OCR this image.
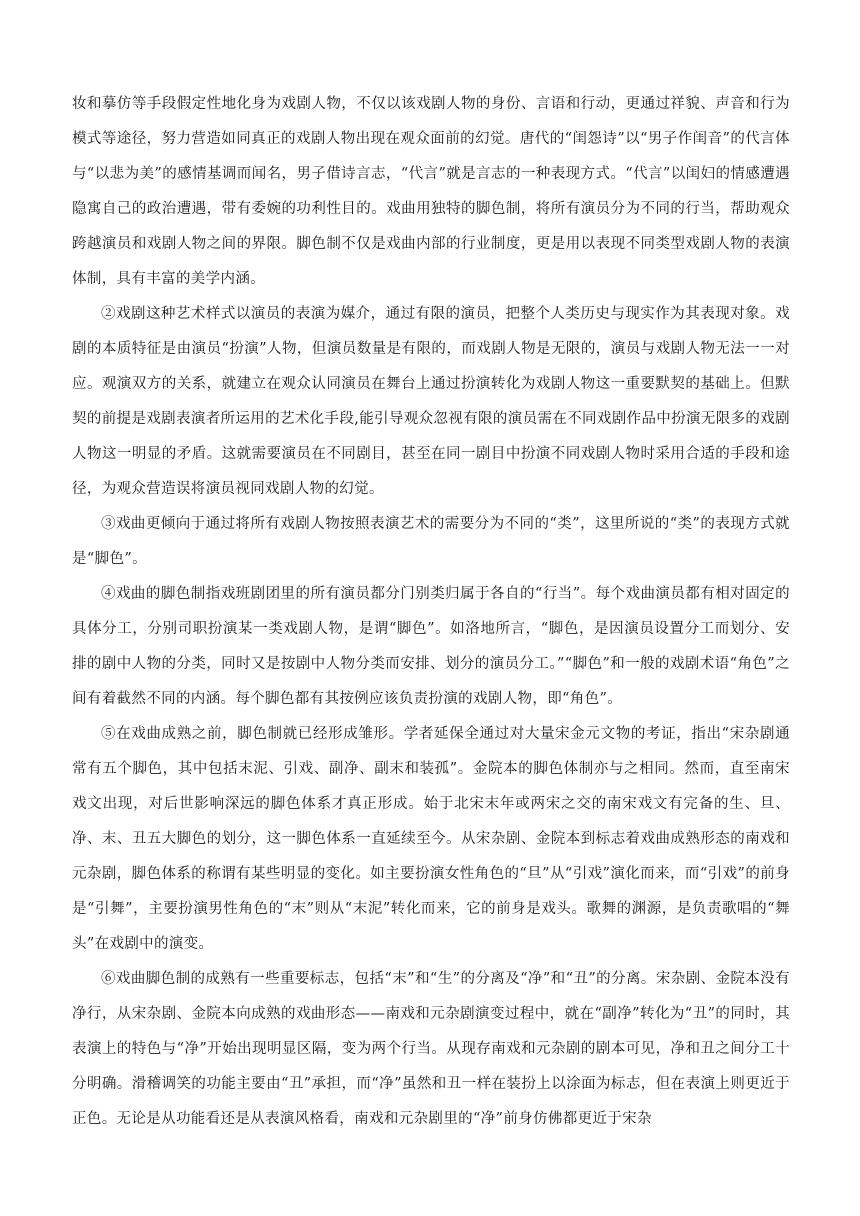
妆和摹仿等手段假定性地化身为戏剧人物，不仅以该戏剧人物的身份、言语和行动，更通过祥貌、声音和行为模式等途径，努力营造如同真正的戏剧人物出现在观众面前的幻觉。唐代的“闺怨诗”以“男子作闺音”的代言体与“以悲为美”的感情基调而闻名，男子借诗言志，“代言”就是言志的一种表现方式。“代言”以闺妇的情感遭遇隐寓自己的政治遭遇，带有委婉的功利性目的。戏曲用独特的脚色制，将所有演员分为不同的行当，帮助观众跨越演员和戏剧人物之间的界限。脚色制不仅是戏曲内部的行业制度，更是用以表现不同类型戏剧人物的表演体制，具有丰富的美学内涵。

②戏剧这种艺术样式以演员的表演为媒介，通过有限的演员，把整个人类历史与现实作为其表现对象。戏剧的本质特征是由演员“扮演”人物，但演员数量是有限的，而戏剧人物是无限的，演员与戏剧人物无法一一对应。观演双方的关系，就建立在观众认同演员在舞台上通过扮演转化为戏剧人物这一重要默契的基础上。但默契的前提是戏剧表演者所运用的艺术化手段,能引导观众忽视有限的演员需在不同戏剧作品中扮演无限多的戏剧人物这一明显的矛盾。这就需要演员在不同剧目，甚至在同一剧目中扮演不同戏剧人物时采用合适的手段和途径，为观众营造误将演员视同戏剧人物的幻觉。

③戏曲更倾向于通过将所有戏剧人物按照表演艺术的需要分为不同的“类”，这里所说的“类”的表现方式就是“脚色”。

④戏曲的脚色制指戏班剧团里的所有演员都分门别类归属于各自的“行当”。每个戏曲演员都有相对固定的具体分工，分别司职扮演某一类戏剧人物，是谓“脚色”。如洛地所言，“脚色，是因演员设置分工而划分、安排的剧中人物的分类，同时又是按剧中人物分类而安排、划分的演员分工。”“脚色”和一般的戏剧术语“角色”之间有着截然不同的内涵。每个脚色都有其按例应该负责扮演的戏剧人物，即“角色”。

⑤在戏曲成熟之前，脚色制就已经形成雏形。学者延保全通过对大量宋金元文物的考证，指出“宋杂剧通常有五个脚色，其中包括末泥、引戏、副净、副末和装孤”。金院本的脚色体制亦与之相同。然而，直至南宋戏文出现，对后世影响深远的脚色体系才真正形成。始于北宋末年或两宋之交的南宋戏文有完备的生、旦、净、末、丑五大脚色的划分，这一脚色体系一直延续至今。从宋杂剧、金院本到标志着戏曲成熟形态的南戏和元杂剧，脚色体系的称谓有某些明显的变化。如主要扮演女性角色的“旦”从“引戏”演化而来，而“引戏”的前身是“引舞”，主要扮演男性角色的“末”则从“末泥”转化而来，它的前身是戏头。歌舞的渊源，是负责歌唱的“舞头”在戏剧中的演变。

⑥戏曲脚色制的成熟有一些重要标志，包括“末”和“生”的分离及“净”和“丑”的分离。宋杂剧、金院本没有净行，从宋杂剧、金院本向成熟的戏曲形态——南戏和元杂剧演变过程中，就在“副净”转化为“丑”的同时，其表演上的特色与“净”开始出现明显区隔，变为两个行当。从现存南戏和元杂剧的剧本可见，净和丑之间分工十分明确。滑稽调笑的功能主要由“丑”承担，而“净”虽然和丑一样在装扮上以涂面为标志，但在表演上则更近于正色。无论是从功能看还是从表演风格看，南戏和元杂剧里的“净”前身仿佛都更近于宋杂
